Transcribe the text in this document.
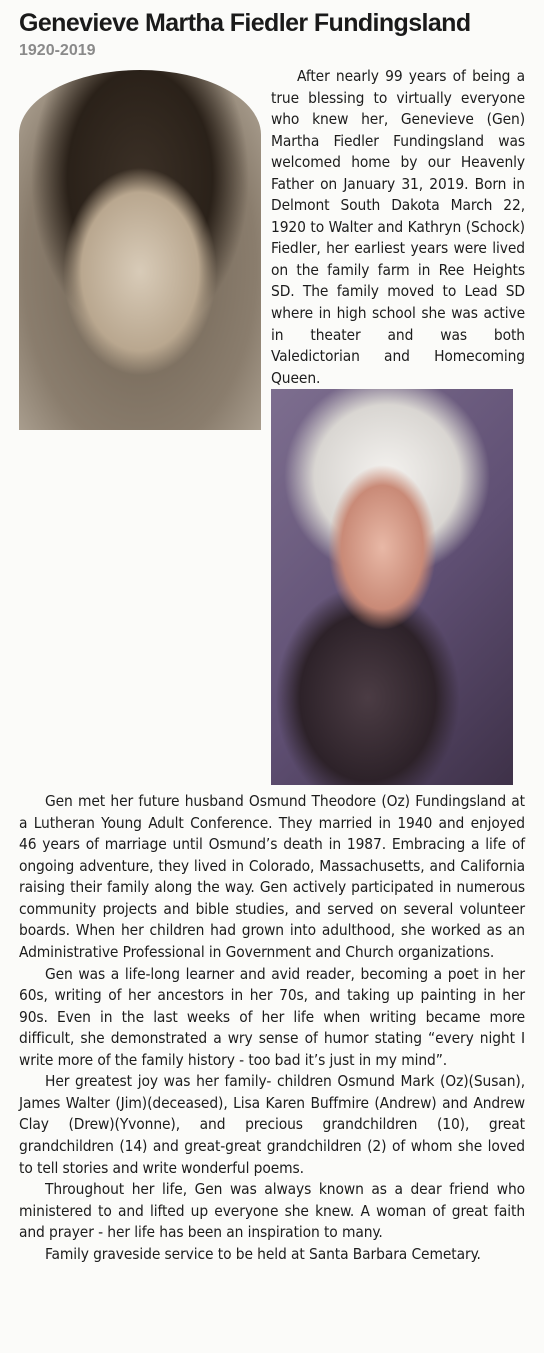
Genevieve Martha Fiedler Fundingsland
1920-2019

After nearly 99 years of being a true blessing to virtually everyone who knew her, Genevieve (Gen) Martha Fiedler Fundingsland was welcomed home by our Heavenly Father on January 31, 2019. Born in Delmont South Dakota March 22, 1920 to Walter and Kathryn (Schock) Fiedler, her earliest years were lived on the family farm in Ree Heights SD. The family moved to Lead SD where in high school she was active in theater and was both Valedictorian and Homecoming Queen.

Gen met her future husband Osmund Theodore (Oz) Fundingsland at a Lutheran Young Adult Conference. They married in 1940 and enjoyed 46 years of marriage until Osmund’s death in 1987. Embracing a life of ongoing adventure, they lived in Colorado, Massachusetts, and California raising their family along the way. Gen actively participated in numerous community projects and bible studies, and served on several volunteer boards. When her children had grown into adulthood, she worked as an Administrative Professional in Government and Church organizations.

Gen was a life-long learner and avid reader, becoming a poet in her 60s, writing of her ancestors in her 70s, and taking up painting in her 90s. Even in the last weeks of her life when writing became more difficult, she demonstrated a wry sense of humor stating “every night I write more of the family history - too bad it’s just in my mind”.

Her greatest joy was her family- children Osmund Mark (Oz)(Susan), James Walter (Jim)(deceased), Lisa Karen Buffmire (Andrew) and Andrew Clay (Drew)(Yvonne), and precious grandchildren (10), great grandchildren (14) and great-great grandchildren (2) of whom she loved to tell stories and write wonderful poems.

Throughout her life, Gen was always known as a dear friend who ministered to and lifted up everyone she knew. A woman of great faith and prayer - her life has been an inspiration to many.

Family graveside service to be held at Santa Barbara Cemetary.
